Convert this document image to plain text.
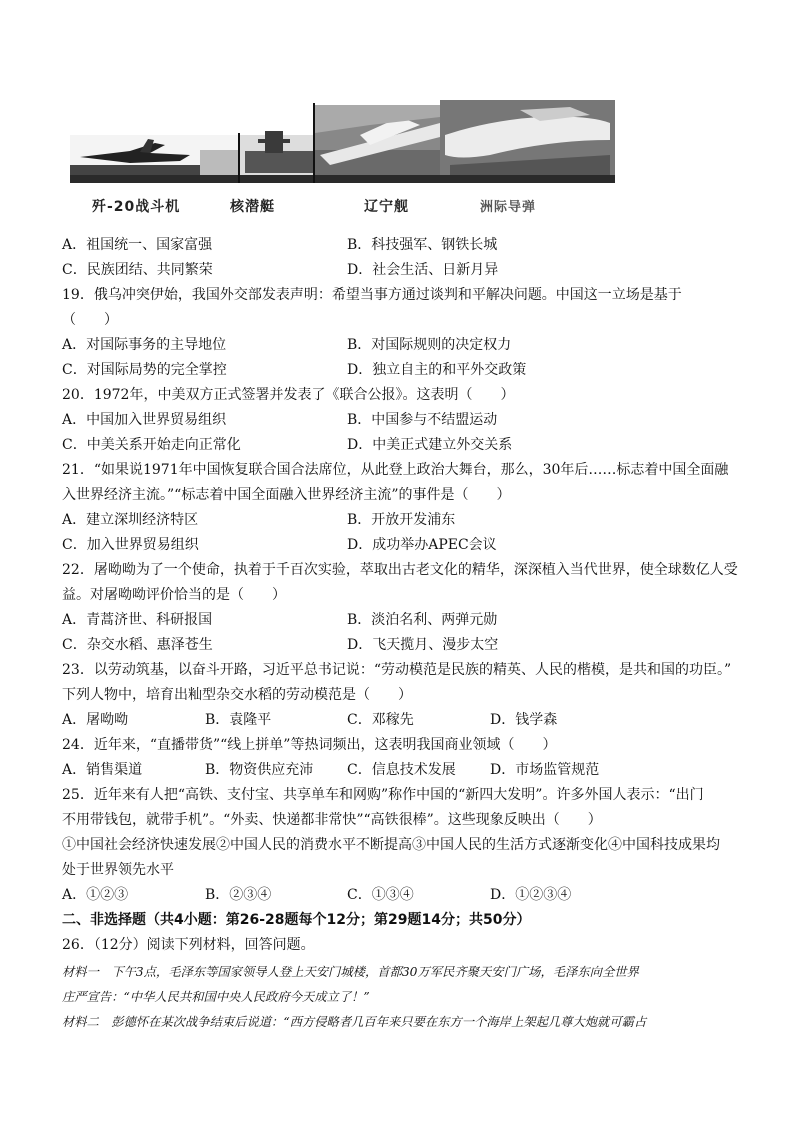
歼-20战斗机	核潜艇	辽宁舰	洲际导弹
A．祖国统一、国家富强	B．科技强军、钢铁长城
C．民族团结、共同繁荣	D．社会生活、日新月异
19．俄乌冲突伊始，我国外交部发表声明：希望当事方通过谈判和平解决问题。中国这一立场是基于
（　　）
A．对国际事务的主导地位	B．对国际规则的决定权力
C．对国际局势的完全掌控	D．独立自主的和平外交政策
20．1972年，中美双方正式签署并发表了《联合公报》。这表明（　　）
A．中国加入世界贸易组织	B．中国参与不结盟运动
C．中美关系开始走向正常化	D．中美正式建立外交关系
21．“如果说1971年中国恢复联合国合法席位，从此登上政治大舞台，那么，30年后……标志着中国全面融
入世界经济主流。”“标志着中国全面融入世界经济主流”的事件是（　　）
A．建立深圳经济特区	B．开放开发浦东
C．加入世界贸易组织	D．成功举办APEC会议
22．屠呦呦为了一个使命，执着于千百次实验，萃取出古老文化的精华，深深植入当代世界，使全球数亿人受
益。对屠呦呦评价恰当的是（　　）
A．青蒿济世、科研报国	B．淡泊名利、两弹元勋
C．杂交水稻、惠泽苍生	D．飞天揽月、漫步太空
23．以劳动筑基，以奋斗开路，习近平总书记说：“劳动模范是民族的精英、人民的楷模，是共和国的功臣。”
下列人物中，培育出籼型杂交水稻的劳动模范是（　　）
A．屠呦呦	B．袁隆平	C．邓稼先	D．钱学森
24．近年来，“直播带货”“线上拼单”等热词频出，这表明我国商业领域（　　）
A．销售渠道	B．物资供应充沛 C．信息技术发展 D．市场监管规范
25．近年来有人把“高铁、支付宝、共享单车和网购”称作中国的“新四大发明”。许多外国人表示：“出门
不用带钱包，就带手机”。“外卖、快递都非常快”“高铁很棒”。这些现象反映出（　　）
①中国社会经济快速发展②中国人民的消费水平不断提高③中国人民的生活方式逐渐变化④中国科技成果均
处于世界领先水平
A．①②③	B．②③④	C．①③④	D．①②③④
二、非选择题（共4小题：第26-28题每个12分；第29题14分；共50分）
26．（12分）阅读下列材料，回答问题。
材料一　下午3点，毛泽东等国家领导人登上天安门城楼，首都30万军民齐聚天安门广场，毛泽东向全世界
庄严宣告：“中华人民共和国中央人民政府今天成立了！”
材料二　彭德怀在某次战争结束后说道：“西方侵略者几百年来只要在东方一个海岸上架起几尊大炮就可霸占
